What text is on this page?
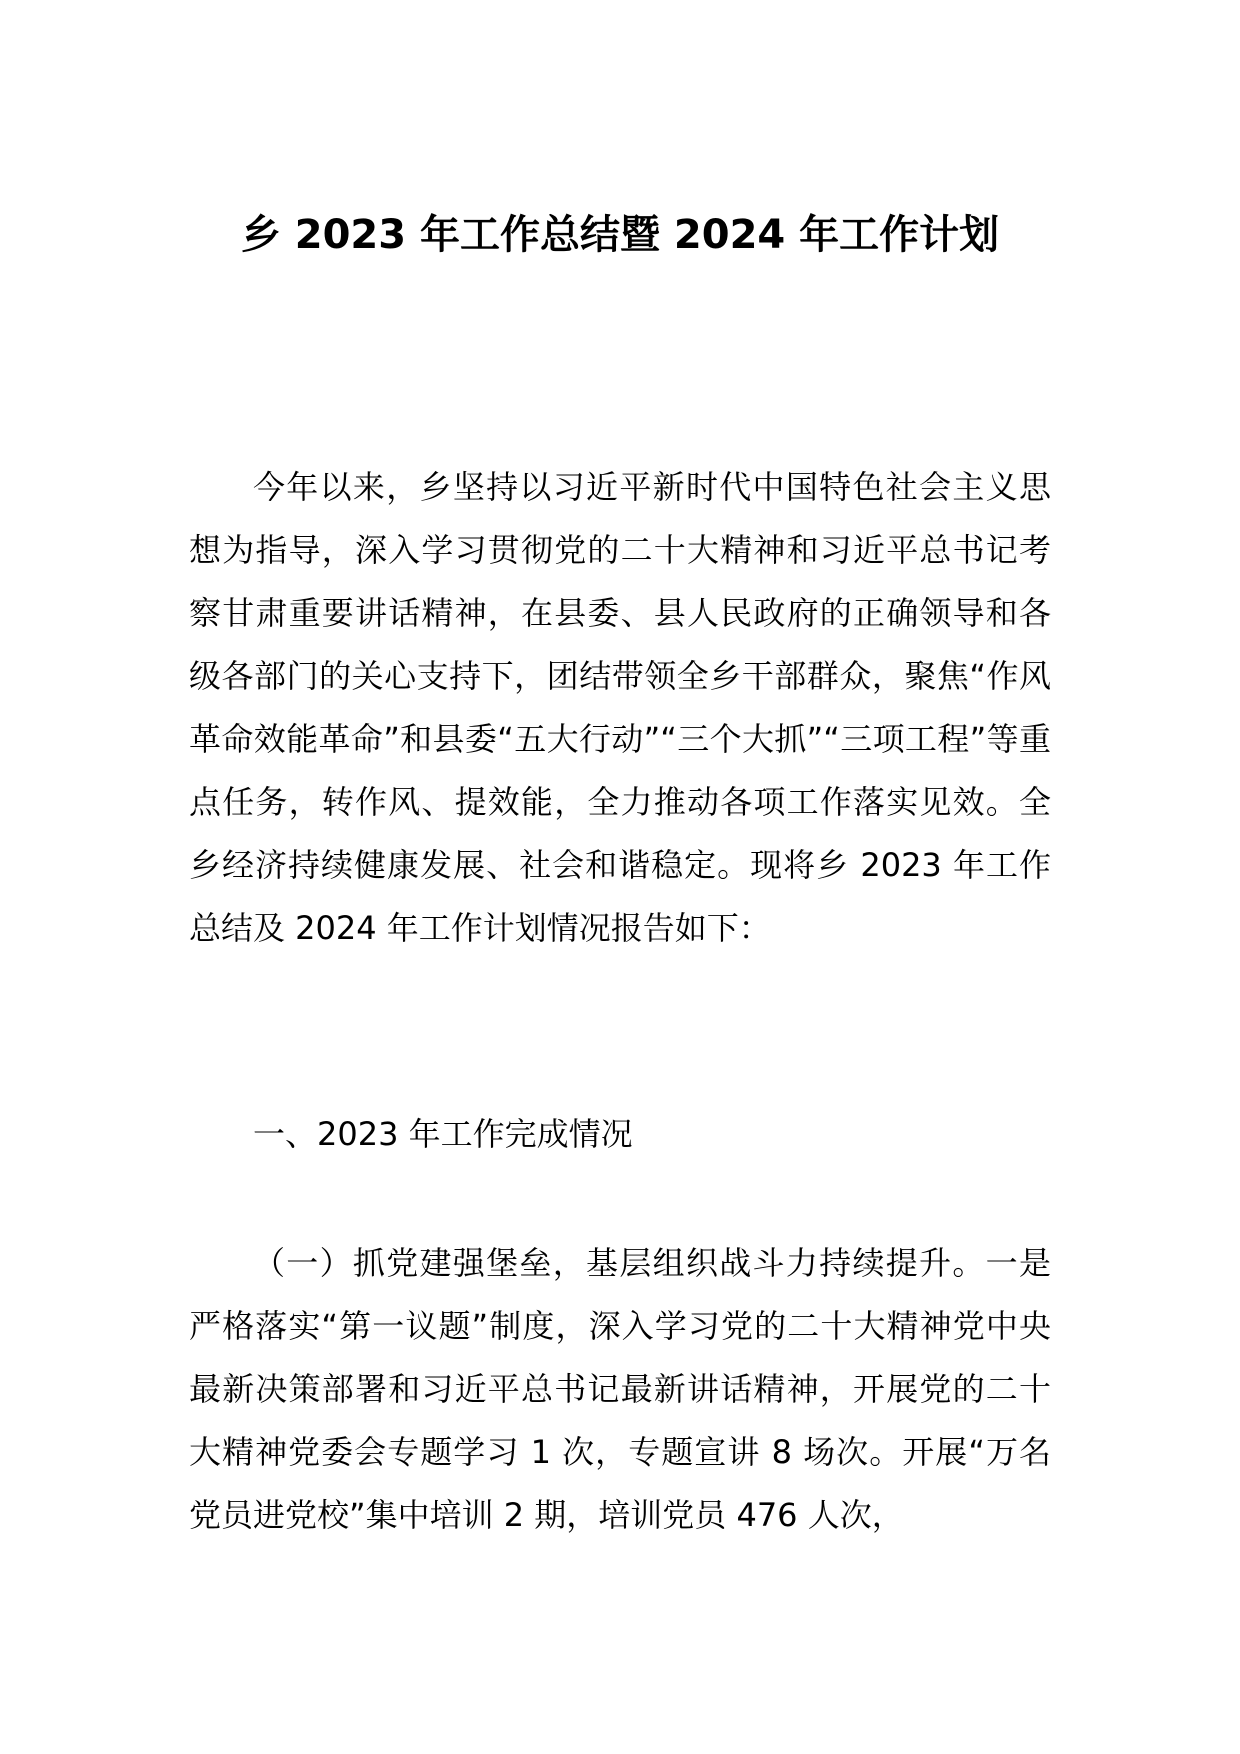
乡 2023 年工作总结暨 2024 年工作计划

今年以来，乡坚持以习近平新时代中国特色社会主义思想为指导，深入学习贯彻党的二十大精神和习近平总书记考察甘肃重要讲话精神，在县委、县人民政府的正确领导和各级各部门的关心支持下，团结带领全乡干部群众，聚焦“作风革命效能革命”和县委“五大行动”“三个大抓”“三项工程”等重点任务，转作风、提效能，全力推动各项工作落实见效。全乡经济持续健康发展、社会和谐稳定。现将乡 2023 年工作总结及 2024 年工作计划情况报告如下：

一、2023 年工作完成情况

（一）抓党建强堡垒，基层组织战斗力持续提升。一是严格落实“第一议题”制度，深入学习党的二十大精神党中央最新决策部署和习近平总书记最新讲话精神，开展党的二十大精神党委会专题学习 1 次，专题宣讲 8 场次。开展“万名党员进党校”集中培训 2 期，培训党员 476 人次，
